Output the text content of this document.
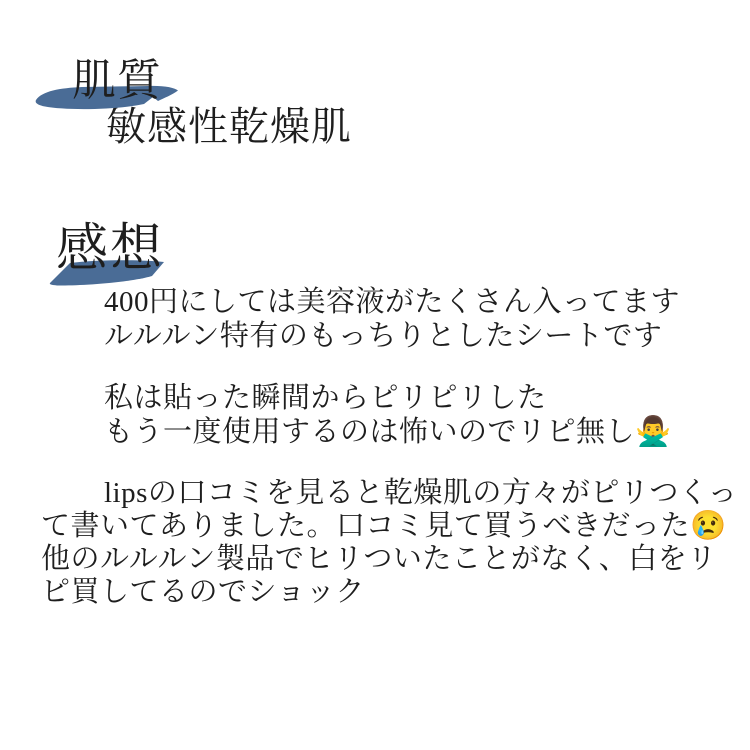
肌質
敏感性乾燥肌
感想
400円にしては美容液がたくさん入ってます
ルルルン特有のもっちりとしたシートです
私は貼った瞬間からピリピリした
もう一度使用するのは怖いのでリピ無し🙅‍♂️
lipsの口コミを見ると乾燥肌の方々がピリつくっ
て書いてありました。口コミ見て買うべきだった😢
他のルルルン製品でヒリついたことがなく、白をリ
ピ買してるのでショック
